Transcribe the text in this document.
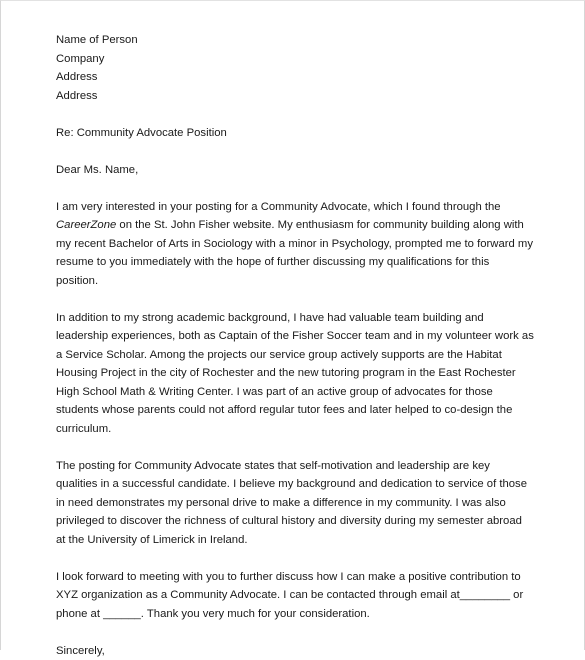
Name of Person

Company

Address

Address

Re: Community Advocate Position

Dear Ms. Name,

I am very interested in your posting for a Community Advocate, which I found through the CareerZone on the St. John Fisher website. My enthusiasm for community building along with my recent Bachelor of Arts in Sociology with a minor in Psychology, prompted me to forward my resume to you immediately with the hope of further discussing my qualifications for this position.

In addition to my strong academic background, I have had valuable team building and leadership experiences, both as Captain of the Fisher Soccer team and in my volunteer work as a Service Scholar. Among the projects our service group actively supports are the Habitat Housing Project in the city of Rochester and the new tutoring program in the East Rochester High School Math & Writing Center. I was part of an active group of advocates for those students whose parents could not afford regular tutor fees and later helped to co-design the curriculum.

The posting for Community Advocate states that self-motivation and leadership are key qualities in a successful candidate. I believe my background and dedication to service of those in need demonstrates my personal drive to make a difference in my community. I was also privileged to discover the richness of cultural history and diversity during my semester abroad at the University of Limerick in Ireland.

I look forward to meeting with you to further discuss how I can make a positive contribution to XYZ organization as a Community Advocate. I can be contacted through email at________ or phone at ______. Thank you very much for your consideration.

Sincerely,
